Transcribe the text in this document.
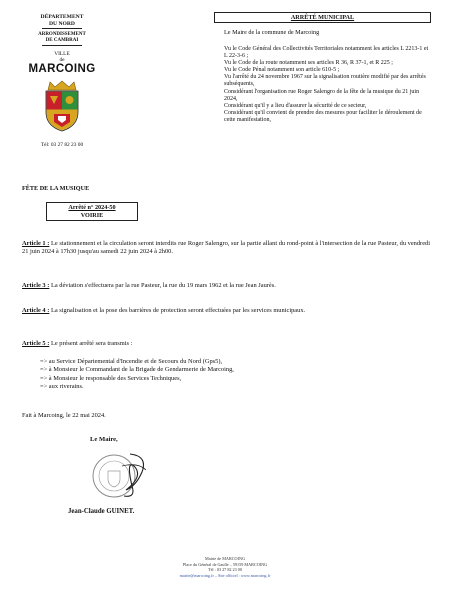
DÉPARTEMENT
DU NORD
ARRONDISSEMENT
DE CAMBRAI
VILLE
de
MARCOING
Tél: 03 27 82 23 00
ARRÊTÉ MUNICIPAL
Le Maire de la commune de Marcoing

Vu le Code Général des Collectivités Territoriales notamment les articles L 2213-1 et L 22-3-6 ;

Vu le Code de la route notamment ses articles R 36, R 37-1, et R 225 ;

Vu le Code Pénal notamment son article 610-5 ;

Vu l'arrêté du 24 novembre 1967 sur la signalisation routière modifié par des arrêtés subséquents,

Considérant l'organisation rue Roger Salengro de la fête de la musique du 21 juin 2024,

Considérant qu'il y a lieu d'assurer la sécurité de ce secteur,

Considérant qu'il convient de prendre des mesures pour faciliter le déroulement de cette manifestation,

FÊTE DE LA MUSIQUE
Arrêté n° 2024-50
VOIRIE

Article 1 : Le stationnement et la circulation seront interdits rue Roger Salengro, sur la partie allant du rond-point à l'intersection de la rue Pasteur, du vendredi 21 juin 2024 à 17h30 jusqu'au samedi 22 juin 2024 à 2h00.

Article 3 : La déviation s'effectuera par la rue Pasteur, la rue du 19 mars 1962 et la rue Jean Jaurès.

Article 4 : La signalisation et la pose des barrières de protection seront effectuées par les services municipaux.

Article 5 : Le présent arrêté sera transmis :

=> au Service Départemental d'Incendie et de Secours du Nord (Gps5),
=> à Monsieur le Commandant de la Brigade de Gendarmerie de Marcoing,
=> à Monsieur le responsable des Services Techniques,
=> aux riverains.
Fait à Marcoing, le 22 mai 2024.
Le Maire,
Jean-Claude GUINET.
Mairie de MARCOING
Place du Général de Gaulle – 59159 MARCOING
Tél : 03 27 82 23 00
mairie@marcoing.fr – Site officiel : www.marcoing.fr
